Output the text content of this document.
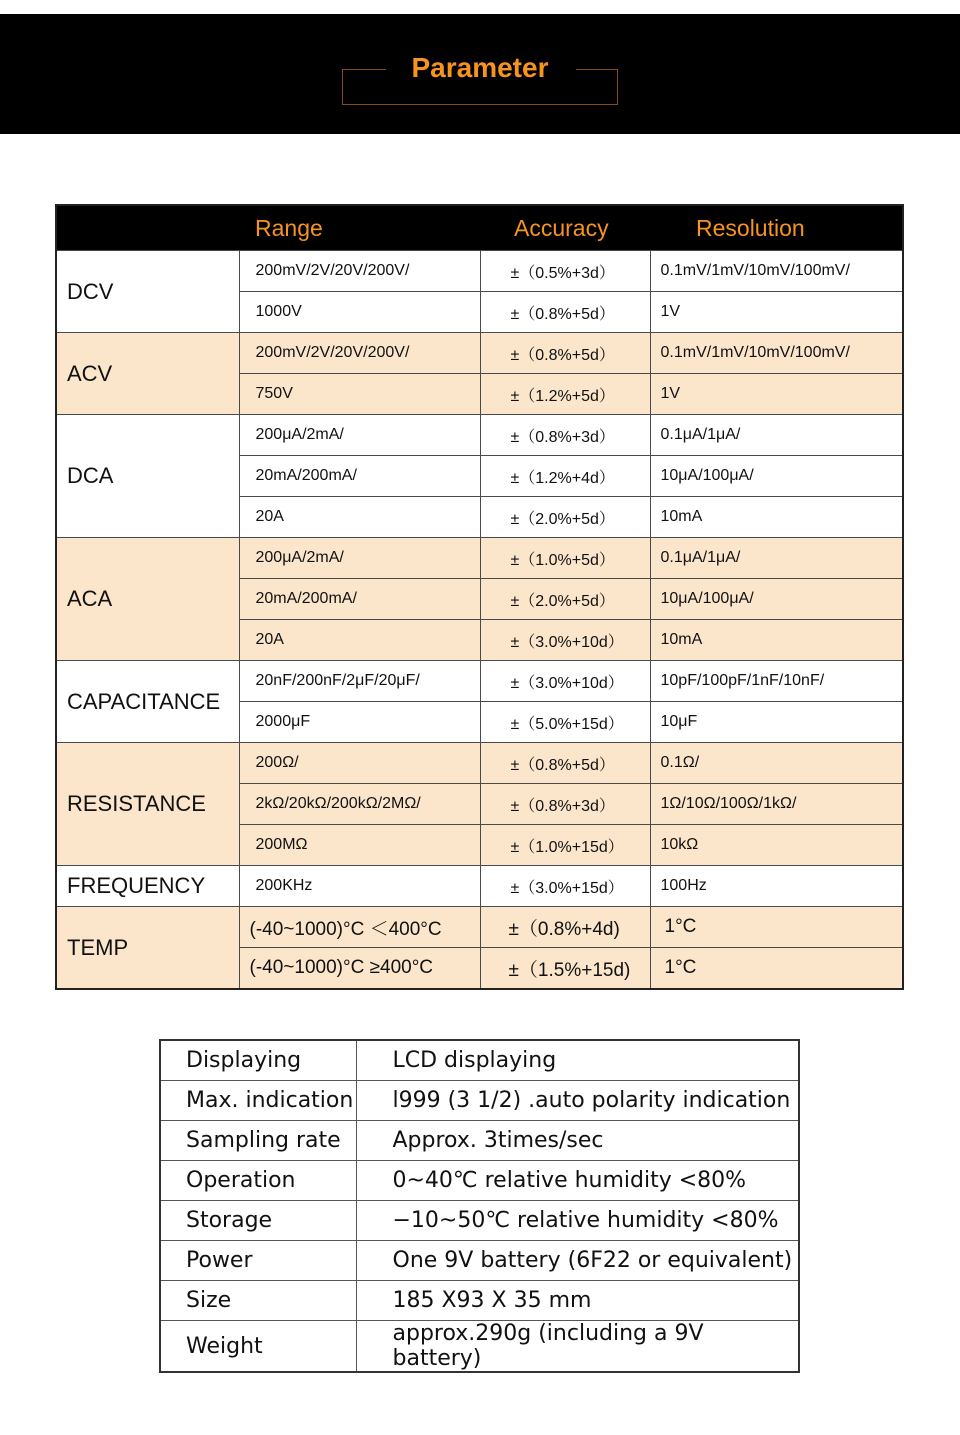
Parameter
	Range	Accuracy	Resolution
DCV	200mV/2V/20V/200V/	±（0.5%+3d）	0.1mV/1mV/10mV/100mV/
	1000V	±（0.8%+5d）	1V
ACV	200mV/2V/20V/200V/	±（0.8%+5d）	0.1mV/1mV/10mV/100mV/
	750V	±（1.2%+5d）	1V
DCA	200μA/2mA/	±（0.8%+3d）	0.1μA/1μA/
	20mA/200mA/	±（1.2%+4d）	10μA/100μA/
	20A	±（2.0%+5d）	10mA
ACA	200μA/2mA/	±（1.0%+5d）	0.1μA/1μA/
	20mA/200mA/	±（2.0%+5d）	10μA/100μA/
	20A	±（3.0%+10d）	10mA
CAPACITANCE	20nF/200nF/2μF/20μF/	±（3.0%+10d）	10pF/100pF/1nF/10nF/
	2000μF	±（5.0%+15d）	10μF
RESISTANCE	200Ω/	±（0.8%+5d）	0.1Ω/
	2kΩ/20kΩ/200kΩ/2MΩ/	±（0.8%+3d）	1Ω/10Ω/100Ω/1kΩ/
	200MΩ	±（1.0%+15d）	10kΩ
FREQUENCY	200KHz	±（3.0%+15d）	100Hz
TEMP	(-40~1000)°C ＜400°C	±（0.8%+4d)	1°C
	(-40~1000)°C ≥400°C	±（1.5%+15d)	1°C
Displaying	LCD displaying
Max. indication	l999 (3 1/2) .auto polarity indication
Sampling rate	Approx. 3times/sec
Operation	0~40℃ relative humidity <80%
Storage	−10~50℃ relative humidity <80%
Power	One 9V battery (6F22 or equivalent)
Size	185 X93 X 35 mm
Weight	approx.290g (including a 9V battery)
